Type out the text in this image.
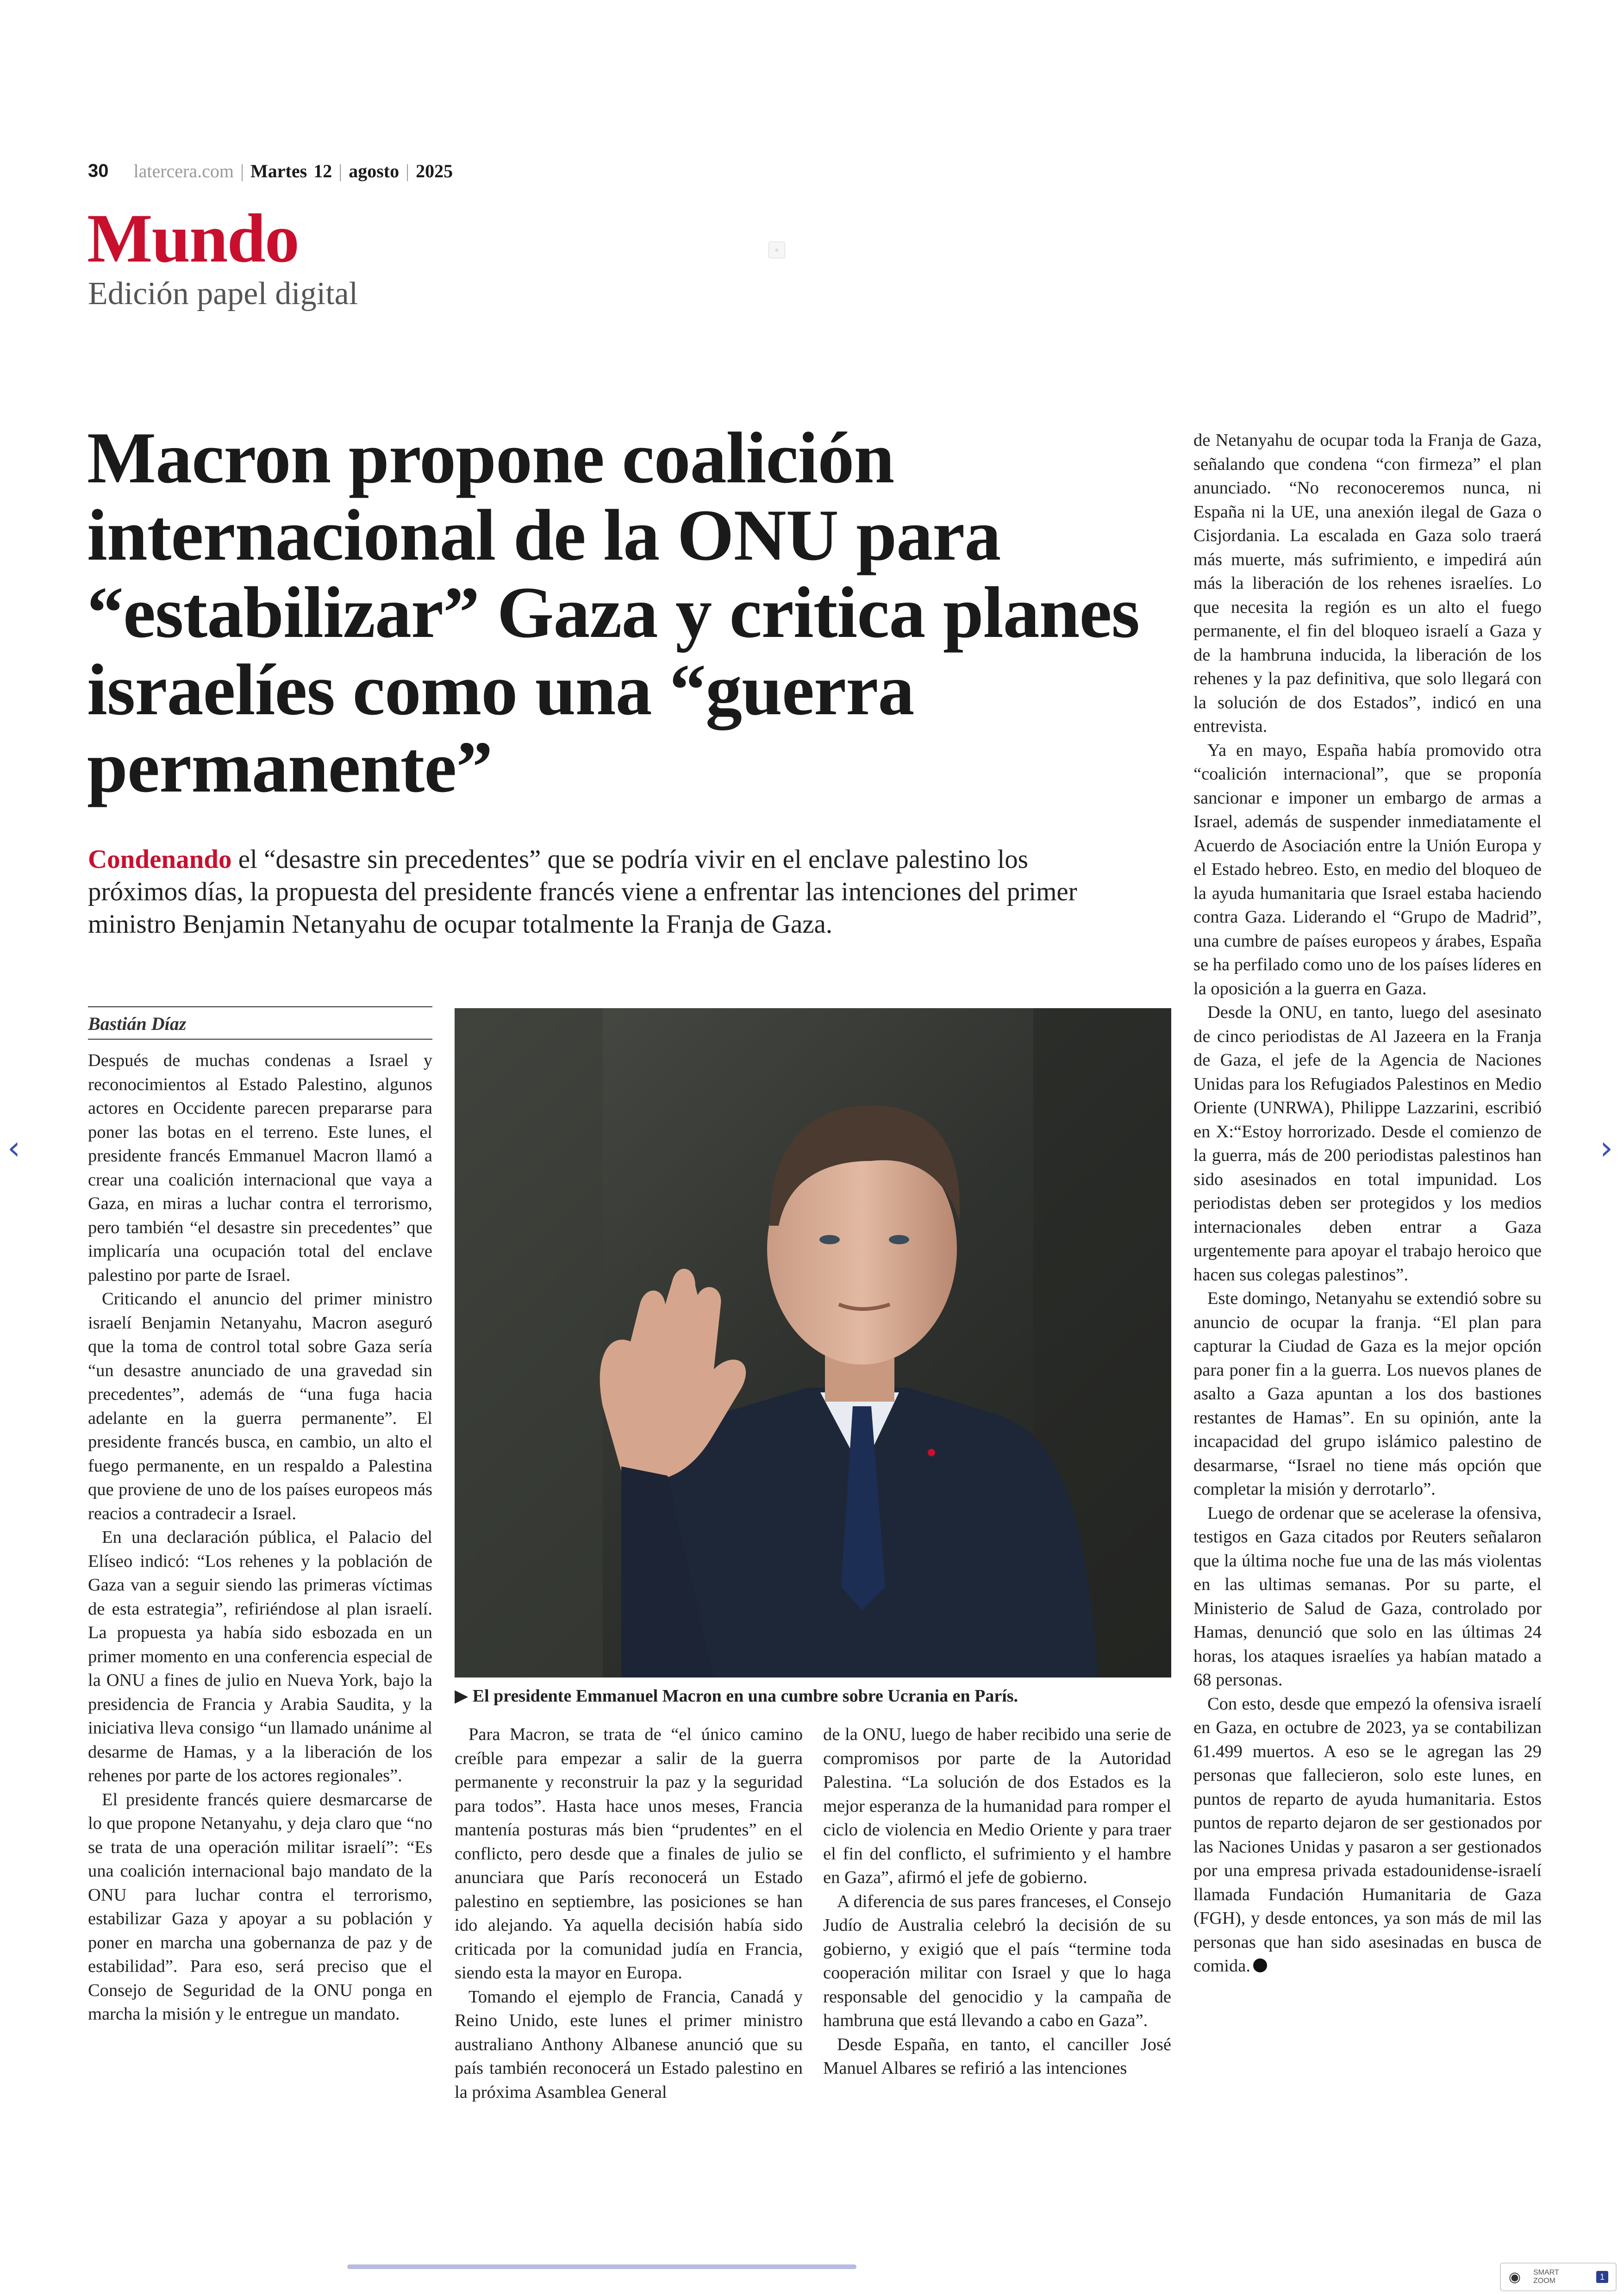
30 latercera.com | Martes 12 | agosto | 2025
Mundo
Edición papel digital
▫
Macron propone coalición internacional de la ONU para “estabilizar” Gaza y critica planes israelíes como una “guerra permanente”
Condenando el “desastre sin precedentes” que se podría vivir en el enclave palestino los próximos días, la propuesta del presidente francés viene a enfrentar las intenciones del primer ministro Benjamin Netanyahu de ocupar totalmente la Franja de Gaza.
Bastián Díaz

Después de muchas condenas a Israel y reconocimientos al Estado Palestino, algunos actores en Occidente parecen prepararse para poner las botas en el terreno. Este lunes, el presidente francés Emmanuel Macron llamó a crear una coalición internacional que vaya a Gaza, en miras a luchar contra el terrorismo, pero también “el desastre sin precedentes” que implicaría una ocupación total del enclave palestino por parte de Israel.

Criticando el anuncio del primer ministro israelí Benjamin Netanyahu, Macron aseguró que la toma de control total sobre Gaza sería “un desastre anunciado de una gravedad sin precedentes”, además de “una fuga hacia adelante en la guerra permanente”. El presidente francés busca, en cambio, un alto el fuego permanente, en un respaldo a Palestina que proviene de uno de los países europeos más reacios a contradecir a Israel.

En una declaración pública, el Palacio del Elíseo indicó: “Los rehenes y la población de Gaza van a seguir siendo las primeras víctimas de esta estrategia”, refiriéndose al plan israelí. La propuesta ya había sido esbozada en un primer momento en una conferencia especial de la ONU a fines de julio en Nueva York, bajo la presidencia de Francia y Arabia Saudita, y la iniciativa lleva consigo “un llamado unánime al desarme de Hamas, y a la liberación de los rehenes por parte de los actores regionales”.

El presidente francés quiere desmarcarse de lo que propone Netanyahu, y deja claro que “no se trata de una operación militar israelí”: “Es una coalición internacional bajo mandato de la ONU para luchar contra el terrorismo, estabilizar Gaza y apoyar a su población y poner en marcha una gobernanza de paz y de estabilidad”. Para eso, será preciso que el Consejo de Seguridad de la ONU ponga en marcha la misión y le entregue un mandato.

▶ El presidente Emmanuel Macron en una cumbre sobre Ucrania en París.

Para Macron, se trata de “el único camino creíble para empezar a salir de la guerra permanente y reconstruir la paz y la seguridad para todos”. Hasta hace unos meses, Francia mantenía posturas más bien “prudentes” en el conflicto, pero desde que a finales de julio se anunciara que París reconocerá un Estado palestino en septiembre, las posiciones se han ido alejando. Ya aquella decisión había sido criticada por la comunidad judía en Francia, siendo esta la mayor en Europa.

Tomando el ejemplo de Francia, Canadá y Reino Unido, este lunes el primer ministro australiano Anthony Albanese anunció que su país también reconocerá un Estado palestino en la próxima Asamblea General

de la ONU, luego de haber recibido una serie de compromisos por parte de la Autoridad Palestina. “La solución de dos Estados es la mejor esperanza de la humanidad para romper el ciclo de violencia en Medio Oriente y para traer el fin del conflicto, el sufrimiento y el hambre en Gaza”, afirmó el jefe de gobierno.

A diferencia de sus pares franceses, el Consejo Judío de Australia celebró la decisión de su gobierno, y exigió que el país “termine toda cooperación militar con Israel y que lo haga responsable del genocidio y la campaña de hambruna que está llevando a cabo en Gaza”.

Desde España, en tanto, el canciller José Manuel Albares se refirió a las intenciones

de Netanyahu de ocupar toda la Franja de Gaza, señalando que condena “con firmeza” el plan anunciado. “No reconoceremos nunca, ni España ni la UE, una anexión ilegal de Gaza o Cisjordania. La escalada en Gaza solo traerá más muerte, más sufrimiento, e impedirá aún más la liberación de los rehenes israelíes. Lo que necesita la región es un alto el fuego permanente, el fin del bloqueo israelí a Gaza y de la hambruna inducida, la liberación de los rehenes y la paz definitiva, que solo llegará con la solución de dos Estados”, indicó en una entrevista.

Ya en mayo, España había promovido otra “coalición internacional”, que se proponía sancionar e imponer un embargo de armas a Israel, además de suspender inmediatamente el Acuerdo de Asociación entre la Unión Europa y el Estado hebreo. Esto, en medio del bloqueo de la ayuda humanitaria que Israel estaba haciendo contra Gaza. Liderando el “Grupo de Madrid”, una cumbre de países europeos y árabes, España se ha perfilado como uno de los países líderes en la oposición a la guerra en Gaza.

Desde la ONU, en tanto, luego del asesinato de cinco periodistas de Al Jazeera en la Franja de Gaza, el jefe de la Agencia de Naciones Unidas para los Refugiados Palestinos en Medio Oriente (UNRWA), Philippe Lazzarini, escribió en X:“Estoy horrorizado. Desde el comienzo de la guerra, más de 200 periodistas palestinos han sido asesinados en total impunidad. Los periodistas deben ser protegidos y los medios internacionales deben entrar a Gaza urgentemente para apoyar el trabajo heroico que hacen sus colegas palestinos”.

Este domingo, Netanyahu se extendió sobre su anuncio de ocupar la franja. “El plan para capturar la Ciudad de Gaza es la mejor opción para poner fin a la guerra. Los nuevos planes de asalto a Gaza apuntan a los dos bastiones restantes de Hamas”. En su opinión, ante la incapacidad del grupo islámico palestino de desarmarse, “Israel no tiene más opción que completar la misión y derrotarlo”.

Luego de ordenar que se acelerase la ofensiva, testigos en Gaza citados por Reuters señalaron que la última noche fue una de las más violentas en las ultimas semanas. Por su parte, el Ministerio de Salud de Gaza, controlado por Hamas, denunció que solo en las últimas 24 horas, los ataques israelíes ya habían matado a 68 personas.

Con esto, desde que empezó la ofensiva israelí en Gaza, en octubre de 2023, ya se contabilizan 61.499 muertos. A eso se le agregan las 29 personas que fallecieron, solo este lunes, en puntos de reparto de ayuda humanitaria. Estos puntos de reparto dejaron de ser gestionados por las Naciones Unidas y pasaron a ser gestionados por una empresa privada estadounidense-israelí llamada Fundación Humanitaria de Gaza (FGH), y desde entonces, ya son más de mil las personas que han sido asesinadas en busca de comida.

‹	›
◉	SMART
ZOOM	1
